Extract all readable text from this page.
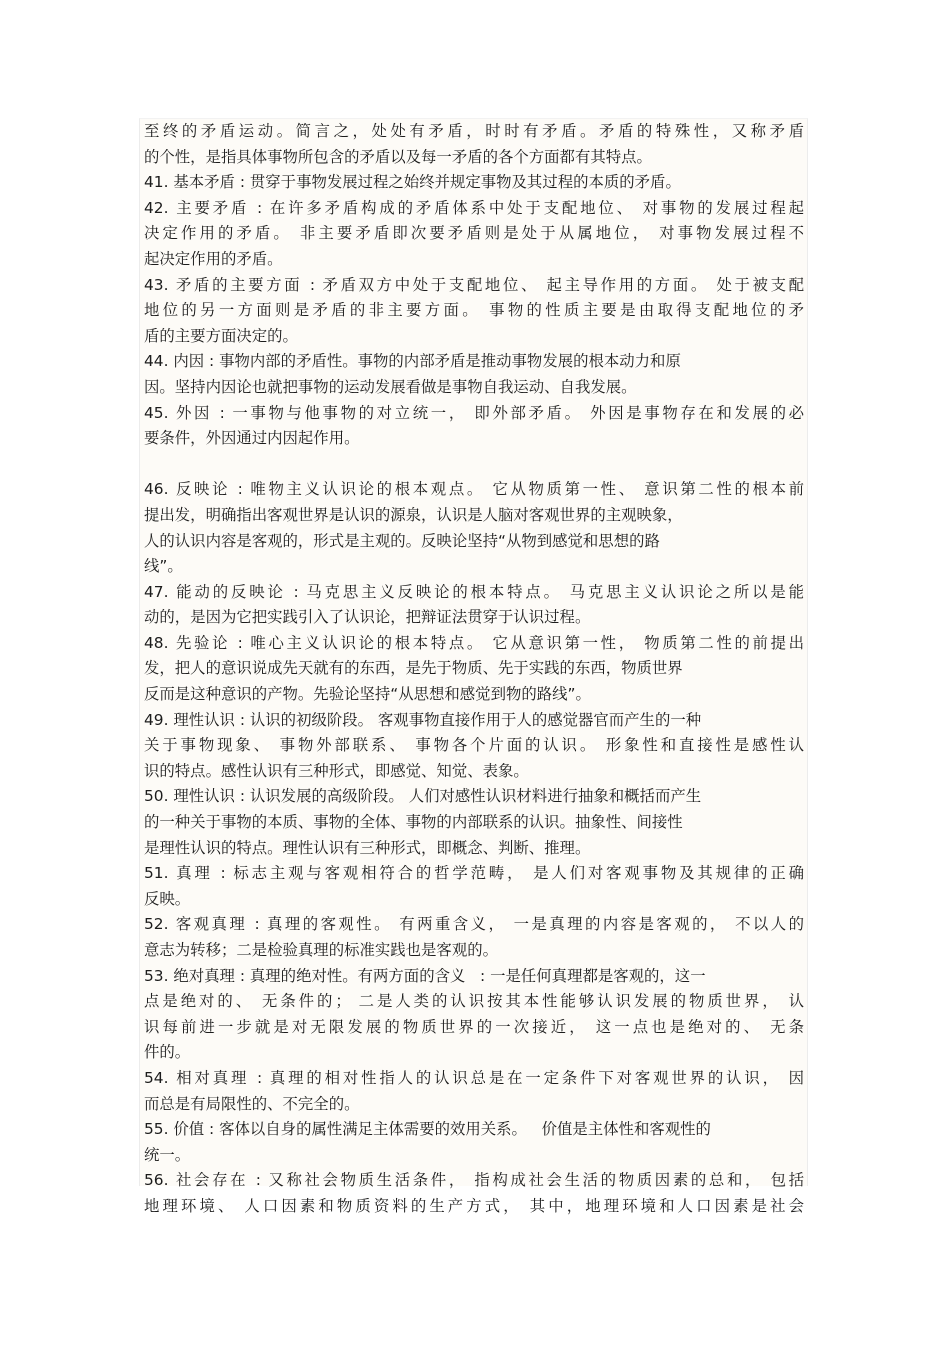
至终的矛盾运动。简言之，处处有矛盾，时时有矛盾。矛盾的特殊性，又称矛盾
的个性，是指具体事物所包含的矛盾以及每一矛盾的各个方面都有其特点。
41. 基本矛盾 : 贯穿于事物发展过程之始终并规定事物及其过程的本质的矛盾。
42. 主要矛盾 : 在许多矛盾构成的矛盾体系中处于支配地位、 对事物的发展过程起
决定作用的矛盾。 非主要矛盾即次要矛盾则是处于从属地位， 对事物发展过程不
起决定作用的矛盾。
43. 矛盾的主要方面 : 矛盾双方中处于支配地位、 起主导作用的方面。 处于被支配
地位的另一方面则是矛盾的非主要方面。 事物的性质主要是由取得支配地位的矛
盾的主要方面决定的。
44. 内因 : 事物内部的矛盾性。事物的内部矛盾是推动事物发展的根本动力和原
因。坚持内因论也就把事物的运动发展看做是事物自我运动、自我发展。
45. 外因 : 一事物与他事物的对立统一， 即外部矛盾。 外因是事物存在和发展的必
要条件，外因通过内因起作用。
46. 反映论 : 唯物主义认识论的根本观点。 它从物质第一性、 意识第二性的根本前
提出发，明确指出客观世界是认识的源泉，认识是人脑对客观世界的主观映象，
人的认识内容是客观的，形式是主观的。反映论坚持“从物到感觉和思想的路
线”。
47. 能动的反映论 : 马克思主义反映论的根本特点。 马克思主义认识论之所以是能
动的，是因为它把实践引入了认识论，把辩证法贯穿于认识过程。
48. 先验论 : 唯心主义认识论的根本特点。 它从意识第一性， 物质第二性的前提出
发，把人的意识说成先天就有的东西，是先于物质、先于实践的东西，物质世界
反而是这种意识的产物。先验论坚持“从思想和感觉到物的路线”。
49. 理性认识 : 认识的初级阶段。 客观事物直接作用于人的感觉器官而产生的一种
关于事物现象、 事物外部联系、 事物各个片面的认识。 形象性和直接性是感性认
识的特点。感性认识有三种形式，即感觉、知觉、表象。
50. 理性认识 : 认识发展的高级阶段。 人们对感性认识材料进行抽象和概括而产生
的一种关于事物的本质、事物的全体、事物的内部联系的认识。抽象性、间接性
是理性认识的特点。理性认识有三种形式，即概念、判断、推理。
51. 真理 : 标志主观与客观相符合的哲学范畴， 是人们对客观事物及其规律的正确
反映。
52. 客观真理 : 真理的客观性。 有两重含义， 一是真理的内容是客观的， 不以人的
意志为转移；二是检验真理的标准实践也是客观的。
53. 绝对真理 : 真理的绝对性。有两方面的含义   : 一是任何真理都是客观的，这一
点是绝对的、 无条件的； 二是人类的认识按其本性能够认识发展的物质世界， 认
识每前进一步就是对无限发展的物质世界的一次接近， 这一点也是绝对的、 无条
件的。
54. 相对真理 : 真理的相对性指人的认识总是在一定条件下对客观世界的认识， 因
而总是有局限性的、不完全的。
55. 价值 : 客体以自身的属性满足主体需要的效用关系。   价值是主体性和客观性的
统一。
56. 社会存在 : 又称社会物质生活条件， 指构成社会生活的物质因素的总和， 包括
地理环境、 人口因素和物质资料的生产方式， 其中，地理环境和人口因素是社会
